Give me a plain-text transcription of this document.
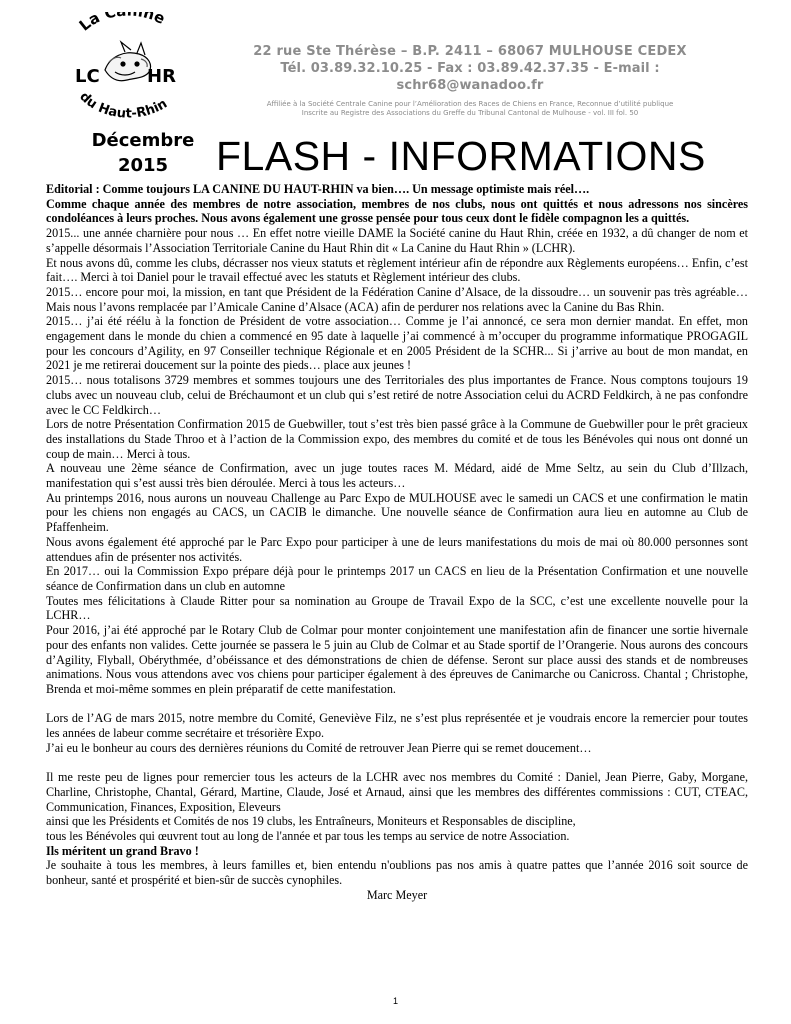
La C ne
du Haut-Rhin
LC	HR
22 rue Ste Thérèse – B.P. 2411 – 68067 MULHOUSE CEDEX
Tél. 03.89.32.10.25 - Fax : 03.89.42.37.35 - E-mail : schr68@wanadoo.fr
Affiliée à la Société Centrale Canine pour l’Amélioration des Races de Chiens en France, Reconnue d’utilité publique
Inscrite au Registre des Associations du Greffe du Tribunal Cantonal de Mulhouse - vol. III fol. 50
Décembre
2015	FLASH - INFORMATIONS

Editorial : Comme toujours LA CANINE DU HAUT-RHIN va bien…. Un message optimiste mais réel….

Comme chaque année des membres de notre association, membres de nos clubs, nous ont quittés et nous adressons nos sincères condoléances à leurs proches. Nous avons également une grosse pensée pour tous ceux dont le fidèle compagnon les a quittés.

2015... une année charnière pour nous … En effet notre vieille DAME la Société canine du Haut Rhin, créée en 1932, a dû changer de nom et s’appelle désormais l’Association Territoriale Canine du Haut Rhin dit « La Canine du Haut Rhin » (LCHR).

Et nous avons dû, comme les clubs, décrasser nos vieux statuts et règlement intérieur afin de répondre aux Règlements européens… Enfin, c’est fait…. Merci à toi Daniel pour le travail effectué avec les statuts et Règlement intérieur des clubs.

2015… encore pour moi, la mission, en tant que Président de la Fédération Canine d’Alsace, de la dissoudre… un souvenir pas très agréable… Mais nous l’avons remplacée par l’Amicale Canine d’Alsace (ACA) afin de perdurer nos relations avec la Canine du Bas Rhin.

2015… j’ai été réélu à la fonction de Président de votre association… Comme je l’ai annoncé, ce sera mon dernier mandat. En effet, mon engagement dans le monde du chien a commencé en 95 date à laquelle j’ai commencé à m’occuper du programme informatique PROGAGIL pour les concours d’Agility, en 97 Conseiller technique Régionale et en 2005 Président de la SCHR... Si j’arrive au bout de mon mandat, en 2021 je me retirerai doucement sur la pointe des pieds… place aux jeunes !

2015… nous totalisons 3729 membres et sommes toujours une des Territoriales des plus importantes de France. Nous comptons toujours 19 clubs avec un nouveau club, celui de Bréchaumont et un club qui s’est retiré de notre Association celui du ACRD Feldkirch, à ne pas confondre avec le CC Feldkirch…

Lors de notre Présentation Confirmation 2015 de Guebwiller, tout s’est très bien passé grâce à la Commune de Guebwiller pour le prêt gracieux des installations du Stade Throo et à l’action de la Commission expo, des membres du comité et de tous les Bénévoles qui nous ont donné un coup de main… Merci à tous.

A nouveau une 2ème séance de Confirmation, avec un juge toutes races M. Médard, aidé de Mme Seltz, au sein du Club d’Illzach, manifestation qui s’est aussi très bien déroulée. Merci à tous les acteurs…

Au printemps 2016, nous aurons un nouveau Challenge au Parc Expo de MULHOUSE avec le samedi un CACS et une confirmation le matin pour les chiens non engagés au CACS, un CACIB le dimanche. Une nouvelle séance de Confirmation aura lieu en automne au Club de Pfaffenheim.

Nous avons également été approché par le Parc Expo pour participer à une de leurs manifestations du mois de mai où 80.000 personnes sont attendues afin de présenter nos activités.

En 2017… oui la Commission Expo prépare déjà pour le printemps 2017 un CACS en lieu de la Présentation Confirmation et une nouvelle séance de Confirmation dans un club en automne

Toutes mes félicitations à Claude Ritter pour sa nomination au Groupe de Travail Expo de la SCC, c’est une excellente nouvelle pour la LCHR…

Pour 2016, j’ai été approché par le Rotary Club de Colmar pour monter conjointement une manifestation afin de financer une sortie hivernale pour des enfants non valides. Cette journée se passera le 5 juin au Club de Colmar et au Stade sportif de l’Orangerie. Nous aurons des concours d’Agility, Flyball, Obérythmée, d’obéissance et des démonstrations de chien de défense. Seront sur place aussi des stands et de nombreuses animations. Nous vous attendons avec vos chiens pour participer également à des épreuves de Canimarche ou Canicross. Chantal ; Christophe, Brenda et moi-même sommes en plein préparatif de cette manifestation.

Lors de l’AG de mars 2015, notre membre du Comité, Geneviève Filz, ne s’est plus représentée et je voudrais encore la remercier pour toutes les années de labeur comme secrétaire et trésorière Expo.

J’ai eu le bonheur au cours des dernières réunions du Comité de retrouver Jean Pierre qui se remet doucement…

Il me reste peu de lignes pour remercier tous les acteurs de la LCHR avec nos membres du Comité : Daniel, Jean Pierre, Gaby, Morgane, Charline, Christophe, Chantal, Gérard, Martine, Claude, José et Arnaud, ainsi que les membres des différentes commissions : CUT, CTEAC, Communication, Finances, Exposition, Eleveurs

ainsi que les Présidents et Comités de nos 19 clubs, les Entraîneurs, Moniteurs et Responsables de discipline,

tous les Bénévoles qui œuvrent tout au long de l'année et par tous les temps au service de notre Association.

Ils méritent un grand Bravo !

Je souhaite à tous les membres, à leurs familles et, bien entendu n'oublions pas nos amis à quatre pattes que l’année 2016 soit source de bonheur, santé et prospérité et bien-sûr de succès cynophiles.

Marc Meyer

1
